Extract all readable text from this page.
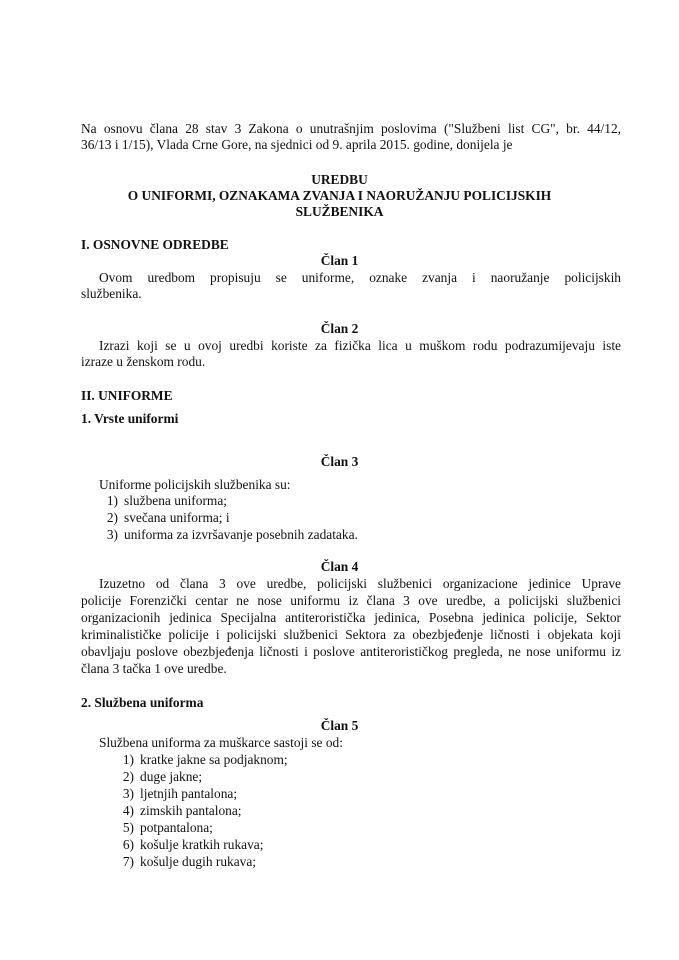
Na osnovu člana 28 stav 3 Zakona o unutrašnjim poslovima ("Službeni list CG", br. 44/12,
36/13 i 1/15), Vlada Crne Gore, na sjednici od 9. aprila 2015. godine, donijela je
UREDBU
O UNIFORMI, OZNAKAMA ZVANJA I NAORUŽANJU POLICIJSKIH
SLUŽBENIKA
I. OSNOVNE ODREDBE
Član 1
Ovom uredbom propisuju se uniforme, oznake zvanja i naoružanje policijskih
službenika.
Član 2
Izrazi koji se u ovoj uredbi koriste za fizička lica u muškom rodu podrazumijevaju iste
izraze u ženskom rodu.
II. UNIFORME
1. Vrste uniformi
Član 3
Uniforme policijskih službenika su:
1) službena uniforma;
2) svečana uniforma; i
3) uniforma za izvršavanje posebnih zadataka.
Član 4
Izuzetno od člana 3 ove uredbe, policijski službenici organizacione jedinice Uprave
policije Forenzički centar ne nose uniformu iz člana 3 ove uredbe, a policijski službenici
organizacionih jedinica Specijalna antiteroristička jedinica, Posebna jedinica policije, Sektor
kriminalističke policije i policijski službenici Sektora za obezbjeđenje ličnosti i objekata koji
obavljaju poslove obezbjeđenja ličnosti i poslove antiterorističkog pregleda, ne nose uniformu iz
člana 3 tačka 1 ove uredbe.
2. Službena uniforma
Član 5
Službena uniforma za muškarce sastoji se od:
1) kratke jakne sa podjaknom;
2) duge jakne;
3) ljetnjih pantalona;
4) zimskih pantalona;
5) potpantalona;
6) košulje kratkih rukava;
7) košulje dugih rukava;
